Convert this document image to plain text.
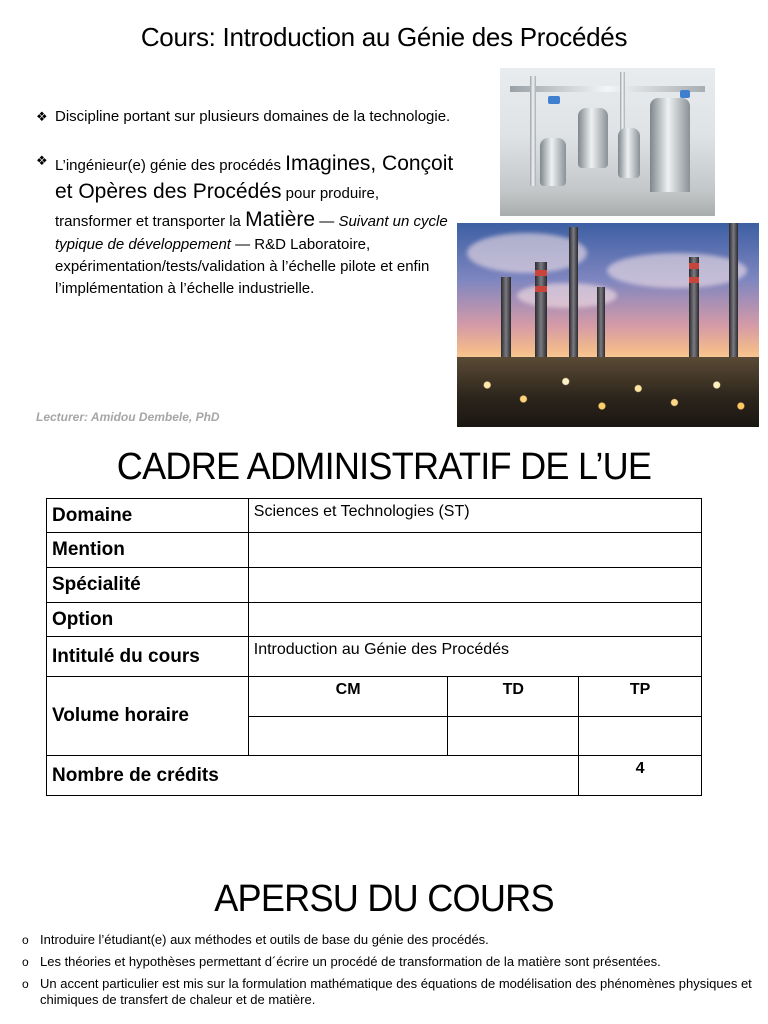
Cours: Introduction au Génie des Procédés
❖ Discipline portant sur plusieurs domaines de la technologie.
❖ L’ingénieur(e) génie des procédés Imagines, Conçoit et Opères des Procédés pour produire, transformer et transporter la Matière — Suivant un cycle typique de développement — R&D Laboratoire, expérimentation/tests/validation à l’échelle pilote et enfin l’implémentation à l’échelle industrielle.
Lecturer: Amidou Dembele, PhD
CADRE ADMINISTRATIF DE L’UE
Domaine	Sciences et Technologies (ST)		
Mention			
Spécialité			
Option			
Intitulé du cours	Introduction au Génie des Procédés		
Volume horaire	CM	TD	TP

Nombre de crédits			4
APERSU DU COURS
o Introduire l’étudiant(e) aux méthodes et outils de base du génie des procédés.
o Les théories et hypothèses permettant d´écrire un procédé de transformation de la matière sont présentées.
o Un accent particulier est mis sur la formulation mathématique des équations de modélisation des phénomènes physiques et chimiques de transfert de chaleur et de matière.
